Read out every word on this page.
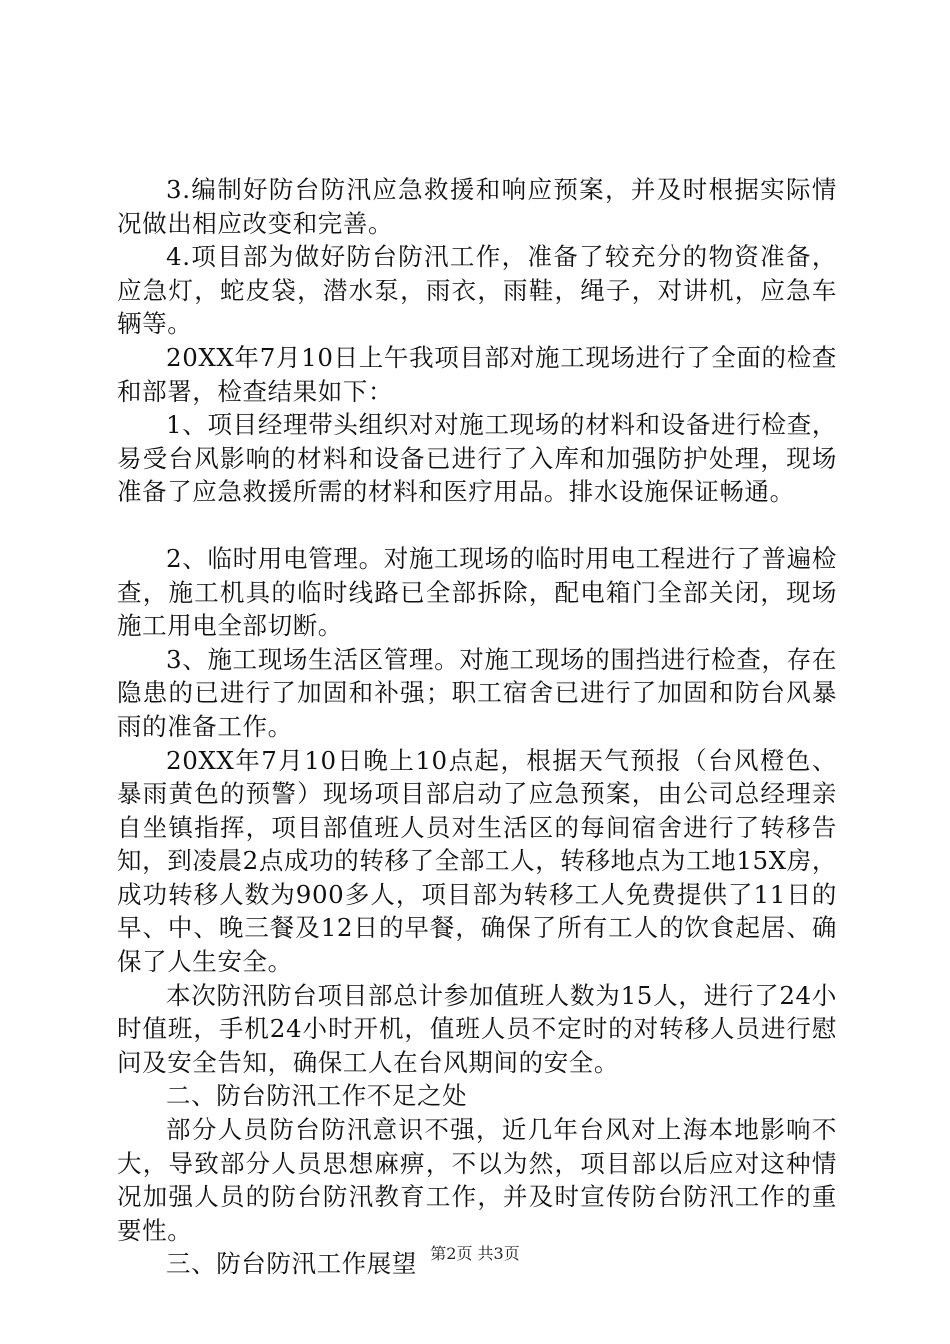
3.编制好防台防汛应急救援和响应预案，并及时根据实际情况做出相应改变和完善。

4.项目部为做好防台防汛工作，准备了较充分的物资准备，应急灯，蛇皮袋，潜水泵，雨衣，雨鞋，绳子，对讲机，应急车辆等。

20XX年7月10日上午我项目部对施工现场进行了全面的检查和部署，检查结果如下：

1、项目经理带头组织对对施工现场的材料和设备进行检查，易受台风影响的材料和设备已进行了入库和加强防护处理，现场准备了应急救援所需的材料和医疗用品。排水设施保证畅通。

2、临时用电管理。对施工现场的临时用电工程进行了普遍检查，施工机具的临时线路已全部拆除，配电箱门全部关闭，现场施工用电全部切断。

3、施工现场生活区管理。对施工现场的围挡进行检查，存在隐患的已进行了加固和补强；职工宿舍已进行了加固和防台风暴雨的准备工作。

20XX年7月10日晚上10点起，根据天气预报（台风橙色、暴雨黄色的预警）现场项目部启动了应急预案，由公司总经理亲自坐镇指挥，项目部值班人员对生活区的每间宿舍进行了转移告知，到凌晨2点成功的转移了全部工人，转移地点为工地15X房，成功转移人数为900多人，项目部为转移工人免费提供了11日的早、中、晚三餐及12日的早餐，确保了所有工人的饮食起居、确保了人生安全。

本次防汛防台项目部总计参加值班人数为15人，进行了24小时值班，手机24小时开机，值班人员不定时的对转移人员进行慰问及安全告知，确保工人在台风期间的安全。

二、防台防汛工作不足之处

部分人员防台防汛意识不强，近几年台风对上海本地影响不大，导致部分人员思想麻痹，不以为然，项目部以后应对这种情况加强人员的防台防汛教育工作，并及时宣传防台防汛工作的重要性。

三、防台防汛工作展望 第2页 共3页
